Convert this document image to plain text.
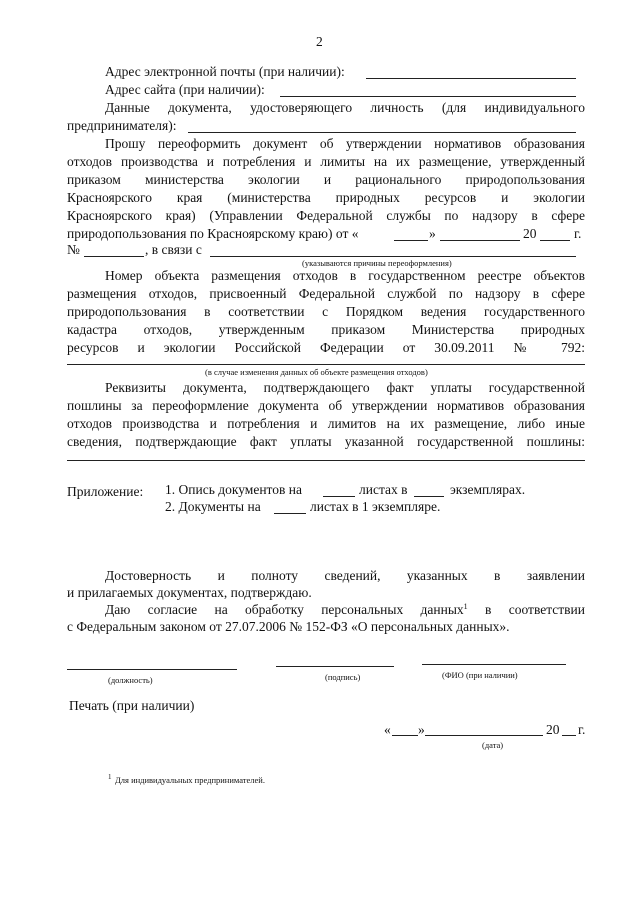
2
Адрес электронной почты (при наличии):
Адрес сайта (при наличии):
Данные документа, удостоверяющего личность (для индивидуального
предпринимателя):
Прошу переоформить документ об утверждении нормативов образования
отходов производства и потребления и лимиты на их размещение, утвержденный
приказом министерства экологии и рационального природопользования
Красноярского края (министерства природных ресурсов и экологии
Красноярского края) (Управлении Федеральной службы по надзору в сфере
природопользования по Красноярскому краю) от «	»	20	г.
№	, в связи с
(указываются причины переоформления)
Номер объекта размещения отходов в государственном реестре объектов
размещения отходов, присвоенный Федеральной службой по надзору в сфере
природопользования в соответствии с Порядком ведения государственного
кадастра отходов, утвержденным приказом Министерства природных
ресурсов и экологии Российской Федерации от 30.09.2011 № 792:
(в случае изменения данных об объекте размещения отходов)
Реквизиты документа, подтверждающего факт уплаты государственной
пошлины за переоформление документа об утверждении нормативов образования
отходов производства и потребления и лимитов на их размещение, либо иные
сведения, подтверждающие факт уплаты указанной государственной пошлины:
Приложение: 1. Опись документов на	листах в	экземплярах.
2. Документы на	листах в 1 экземпляре.
Достоверность и полноту сведений, указанных в заявлении
и прилагаемых документах, подтверждаю.
Даю согласие на обработку персональных данных$^1$ в соответствии
с Федеральным законом от 27.07.2006 № 152-ФЗ «О персональных данных».
(должность)	(подпись)	(ФИО (при наличии)
Печать (при наличии)
« »	20 г.
(дата)
1 Для индивидуальных предпринимателей.
